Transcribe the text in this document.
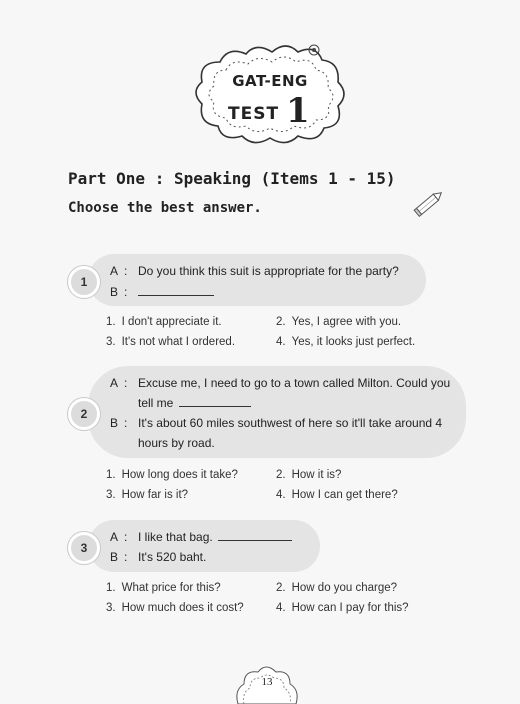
GAT-ENG
TEST 1
Part One : Speaking (Items 1 - 15)
Choose the best answer.
1
A : Do you think this suit is appropriate for the party?
B :
1. I don't appreciate it.	2. Yes, I agree with you.
3. It's not what I ordered.	4. Yes, it looks just perfect.
2
A : Excuse me, I need to go to a town called Milton. Could you
tell me
B : It's about 60 miles southwest of here so it'll take around 4
hours by road.
1. How long does it take?	2. How it is?
3. How far is it?	4. How I can get there?
3
A : I like that bag.
B : It's 520 baht.
1. What price for this?	2. How do you charge?
3. How much does it cost?	4. How can I pay for this?
13
